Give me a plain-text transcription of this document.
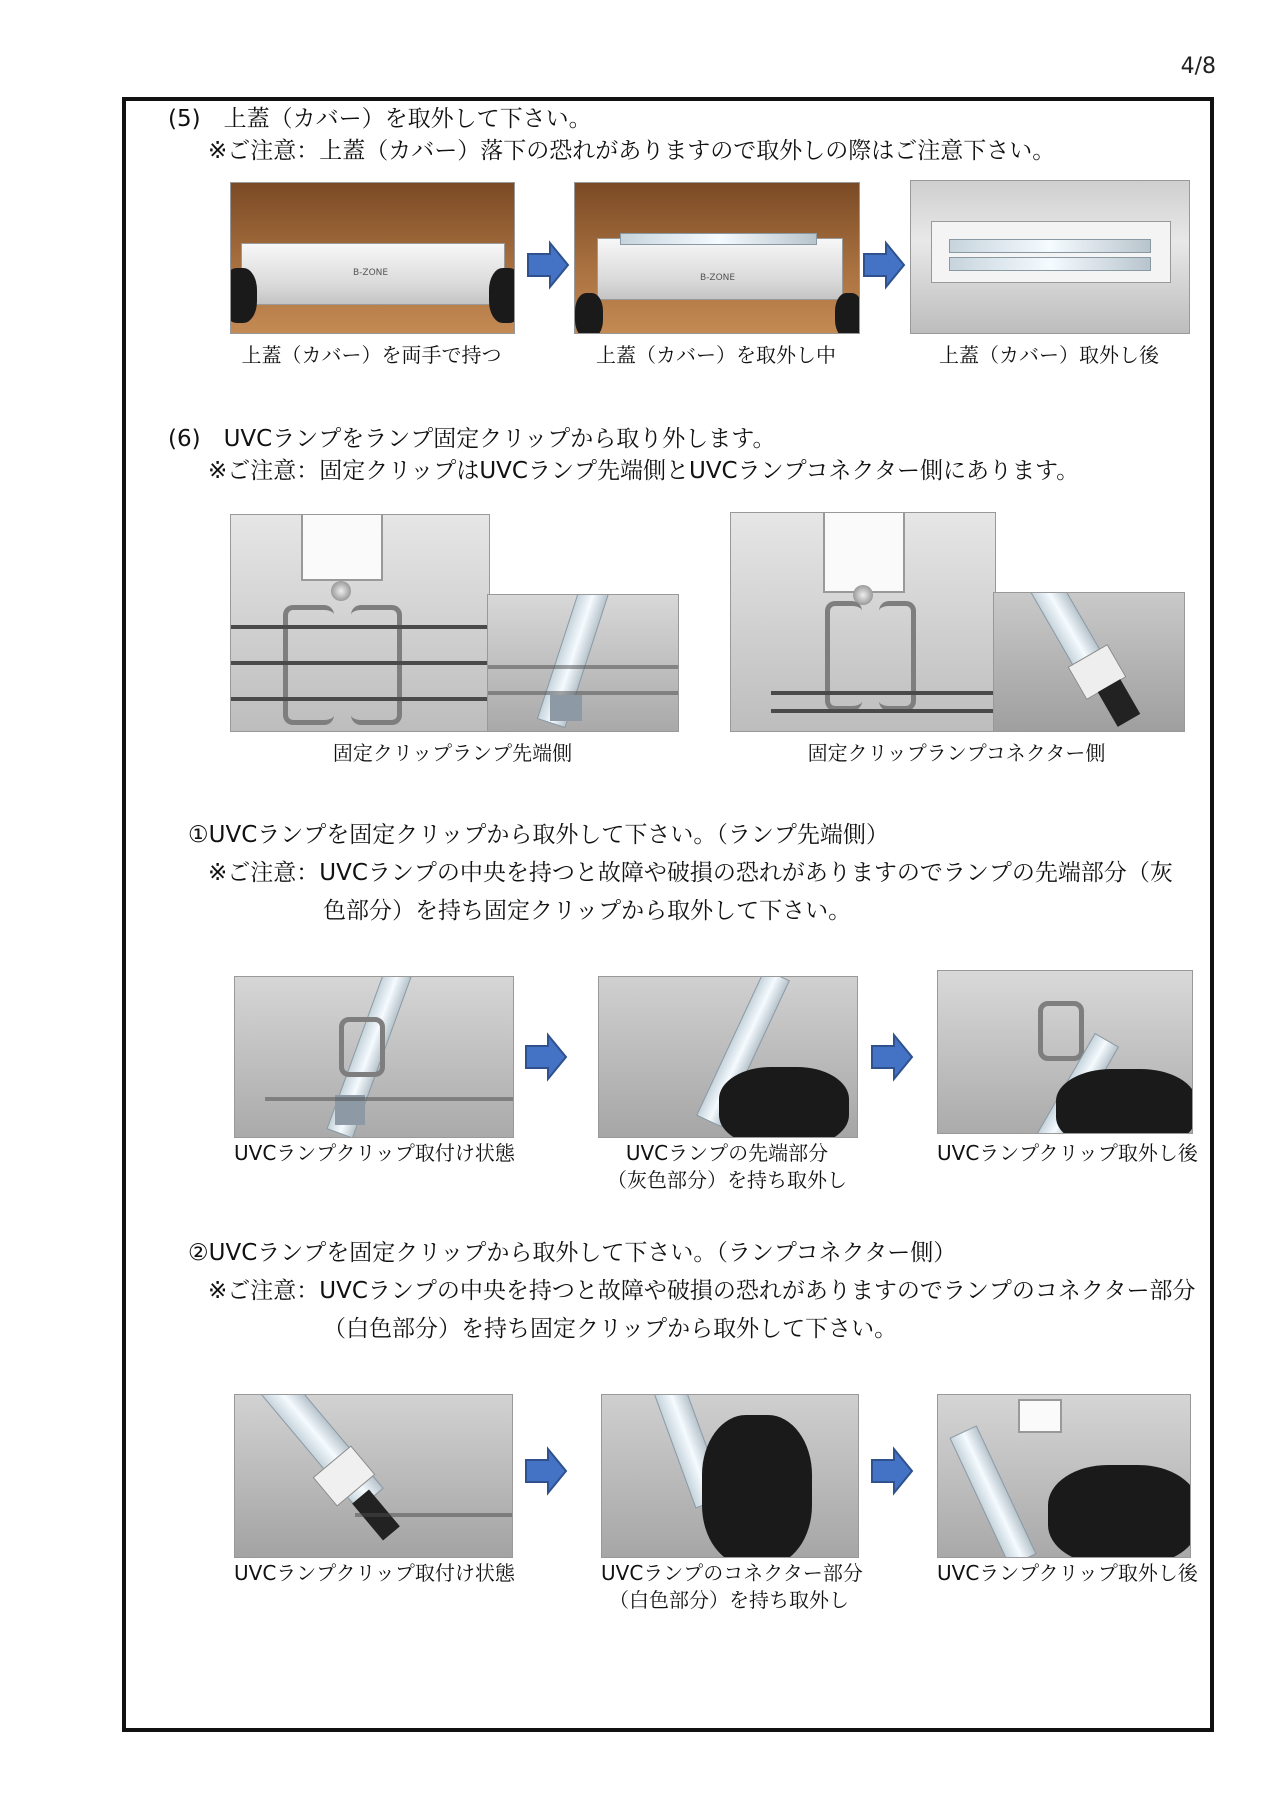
4/8
(5)　上蓋（カバー）を取外して下さい。
※ご注意：上蓋（カバー）落下の恐れがありますので取外しの際はご注意下さい。
B-ZONE	B-ZONE
上蓋（カバー）を両手で持つ	上蓋（カバー）を取外し中	上蓋（カバー）取外し後
(6)　UVCランプをランプ固定クリップから取り外します。
※ご注意：固定クリップはUVCランプ先端側とUVCランプコネクター側にあります。
固定クリップランプ先端側	固定クリップランプコネクター側
①UVCランプを固定クリップから取外して下さい。（ランプ先端側）
※ご注意：UVCランプの中央を持つと故障や破損の恐れがありますのでランプの先端部分（灰
色部分）を持ち固定クリップから取外して下さい。
UVCランプクリップ取付け状態	UVCランプの先端部分
（灰色部分）を持ち取外し
UVCランプクリップ取外し後
②UVCランプを固定クリップから取外して下さい。（ランプコネクター側）
※ご注意：UVCランプの中央を持つと故障や破損の恐れがありますのでランプのコネクター部分
（白色部分）を持ち固定クリップから取外して下さい。
UVCランプクリップ取付け状態	UVCランプのコネクター部分
（白色部分）を持ち取外し
UVCランプクリップ取外し後
